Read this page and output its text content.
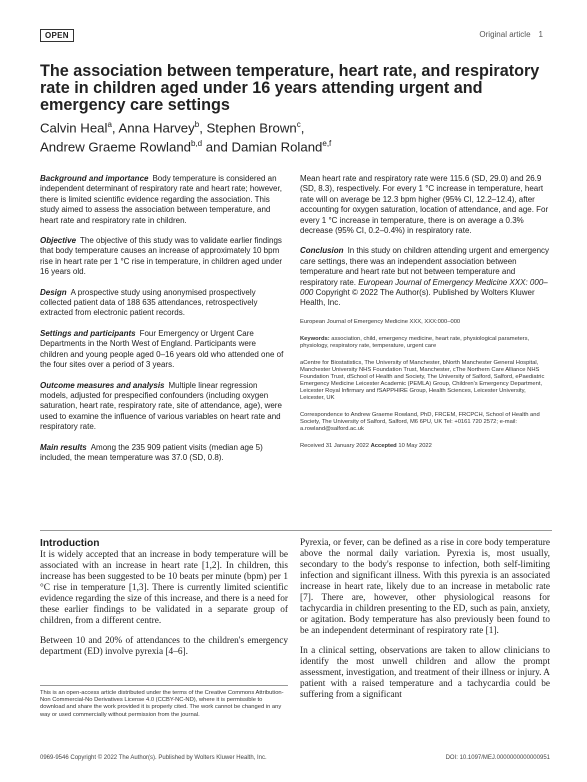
OPEN	Original article 1
The association between temperature, heart rate, and respiratory rate in children aged under 16 years attending urgent and emergency care settings
Calvin Heal$^a$, Anna Harvey$^b$, Stephen Brown$^c$,
Andrew Graeme Rowland$^{b,d}$ and Damian Roland$^{e,f}$

Background and importance Body temperature is considered an independent determinant of respiratory rate and heart rate; however, there is limited scientific evidence regarding the association. This study aimed to assess the association between temperature, and heart rate and respiratory rate in children.

Objective The objective of this study was to validate earlier findings that body temperature causes an increase of approximately 10 bpm rise in heart rate per 1 °C rise in temperature, in children aged under 16 years old.

Design A prospective study using anonymised prospectively collected patient data of 188 635 attendances, retrospectively extracted from electronic patient records.

Settings and participants Four Emergency or Urgent Care Departments in the North West of England. Participants were children and young people aged 0–16 years old who attended one of the four sites over a period of 3 years.

Outcome measures and analysis Multiple linear regression models, adjusted for prespecified confounders (including oxygen saturation, heart rate, respiratory rate, site of attendance, age), were used to examine the influence of various variables on heart rate and respiratory rate.

Main results Among the 235 909 patient visits (median age 5) included, the mean temperature was 37.0 (SD, 0.8).

Mean heart rate and respiratory rate were 115.6 (SD, 29.0) and 26.9 (SD, 8.3), respectively. For every 1 °C increase in temperature, heart rate will on average be 12.3 bpm higher (95% CI, 12.2–12.4), after accounting for oxygen saturation, location of attendance, and age. For every 1 °C increase in temperature, there is on average a 0.3% decrease (95% CI, 0.2–0.4%) in respiratory rate.

Conclusion In this study on children attending urgent and emergency care settings, there was an independent association between temperature and heart rate but not between temperature and respiratory rate. European Journal of Emergency Medicine XXX: 000–000 Copyright © 2022 The Author(s). Published by Wolters Kluwer Health, Inc.

European Journal of Emergency Medicine XXX, XXX:000–000
Keywords: association, child, emergency medicine, heart rate, physiological parameters, physiology, respiratory rate, temperature, urgent care
aCentre for Biostatistics, The University of Manchester, bNorth Manchester General Hospital, Manchester University NHS Foundation Trust, Manchester, cThe Northern Care Alliance NHS Foundation Trust, dSchool of Health and Society, The University of Salford, Salford, ePaediatric Emergency Medicine Leicester Academic (PEMLA) Group, Children's Emergency Department, Leicester Royal Infirmary and fSAPPHIRE Group, Health Sciences, Leicester University, Leicester, UK
Correspondence to Andrew Graeme Rowland, PhD, FRCEM, FRCPCH, School of Health and Society, The University of Salford, Salford, M6 6PU, UK Tel: +0161 720 2572; e-mail: a.rowland@salford.ac.uk
Received 31 January 2022 Accepted 10 May 2022
Introduction

It is widely accepted that an increase in body temperature will be associated with an increase in heart rate [1,2]. In children, this increase has been suggested to be 10 beats per minute (bpm) per 1 °C rise in temperature [1,3]. There is currently limited scientific evidence regarding the size of this increase, and there is a need for these earlier findings to be validated in a separate group of children, from a different centre.

Between 10 and 20% of attendances to the children's emergency department (ED) involve pyrexia [4–6].

Pyrexia, or fever, can be defined as a rise in core body temperature above the normal daily variation. Pyrexia is, most usually, secondary to the body's response to infection, both self-limiting infection and significant illness. With this pyrexia is an associated increase in heart rate, likely due to an increase in metabolic rate [7]. There are, however, other physiological reasons for tachycardia in children presenting to the ED, such as pain, anxiety, or agitation. Body temperature has also previously been found to be an independent determinant of respiratory rate [1].

In a clinical setting, observations are taken to allow clinicians to identify the most unwell children and allow the prompt assessment, investigation, and treatment of their illness or injury. A patient with a raised temperature and a tachycardia could be suffering from a significant

This is an open-access article distributed under the terms of the Creative Commons Attribution-Non Commercial-No Derivatives License 4.0 (CCBY-NC-ND), where it is permissible to download and share the work provided it is properly cited. The work cannot be changed in any way or used commercially without permission from the journal.
0969-9546 Copyright © 2022 The Author(s). Published by Wolters Kluwer Health, Inc.	DOI: 10.1097/MEJ.0000000000000951
